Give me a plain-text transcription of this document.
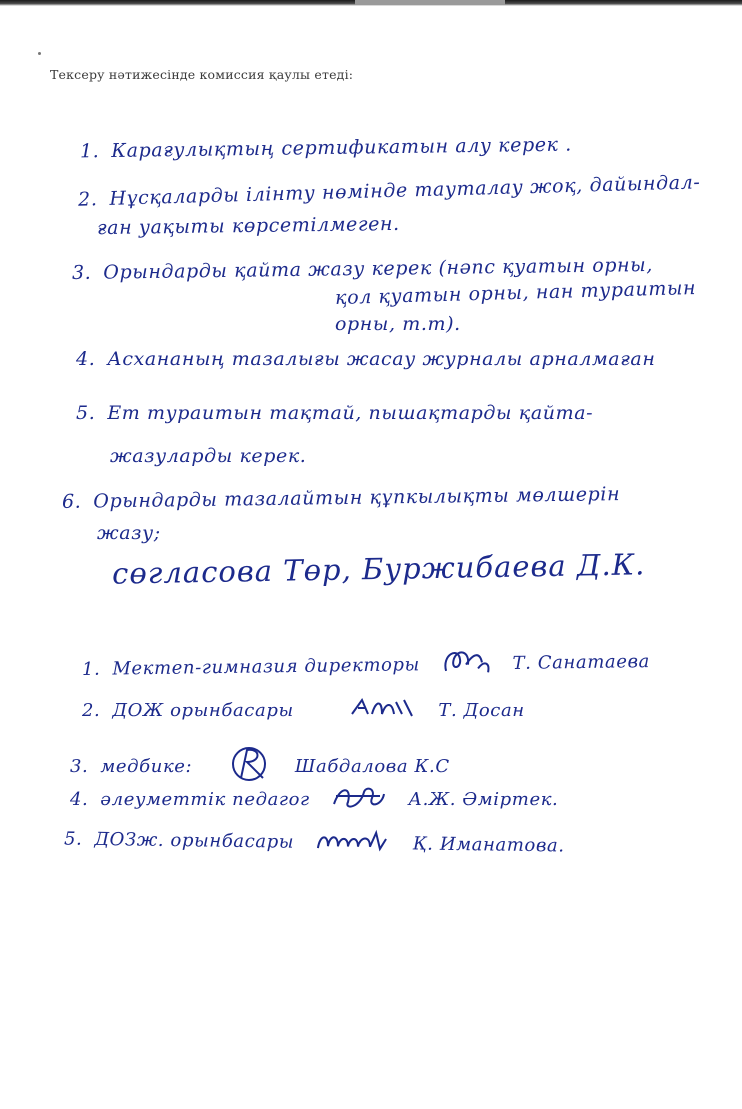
Тексеру нәтижесінде комиссия қаулы етеді:
1. Карағулықтың сертификатын алу керек .
2. Нұсқаларды ілінту нөмінде тауталау жоқ, дайындал-
ған уақыты көрсетілмеген.
3. Орындарды қайта жазу керек (нәпс қуатын орны,
қол қуатын орны, нан тураитын
орны, т.т).
4. Асхананың тазалығы жасау журналы арналмаған
5. Ет тураитын тақтай, пышақтарды қайта-
жазуларды керек.
6. Орындарды тазалайтын құпкылықты мөлшерін
жазу;
сөгласова Төр, Буржибаева Д.К.
1. Мектеп-гимназия директоры	Т. Санатаева
2. ДОЖ орынбасары	Т. Досан
3. медбике:	Шабдалова К.С
4. әлеуметтік педагог	А.Ж. Әміртек.
5. ДОЗж. орынбасары	Қ. Иманатова.
